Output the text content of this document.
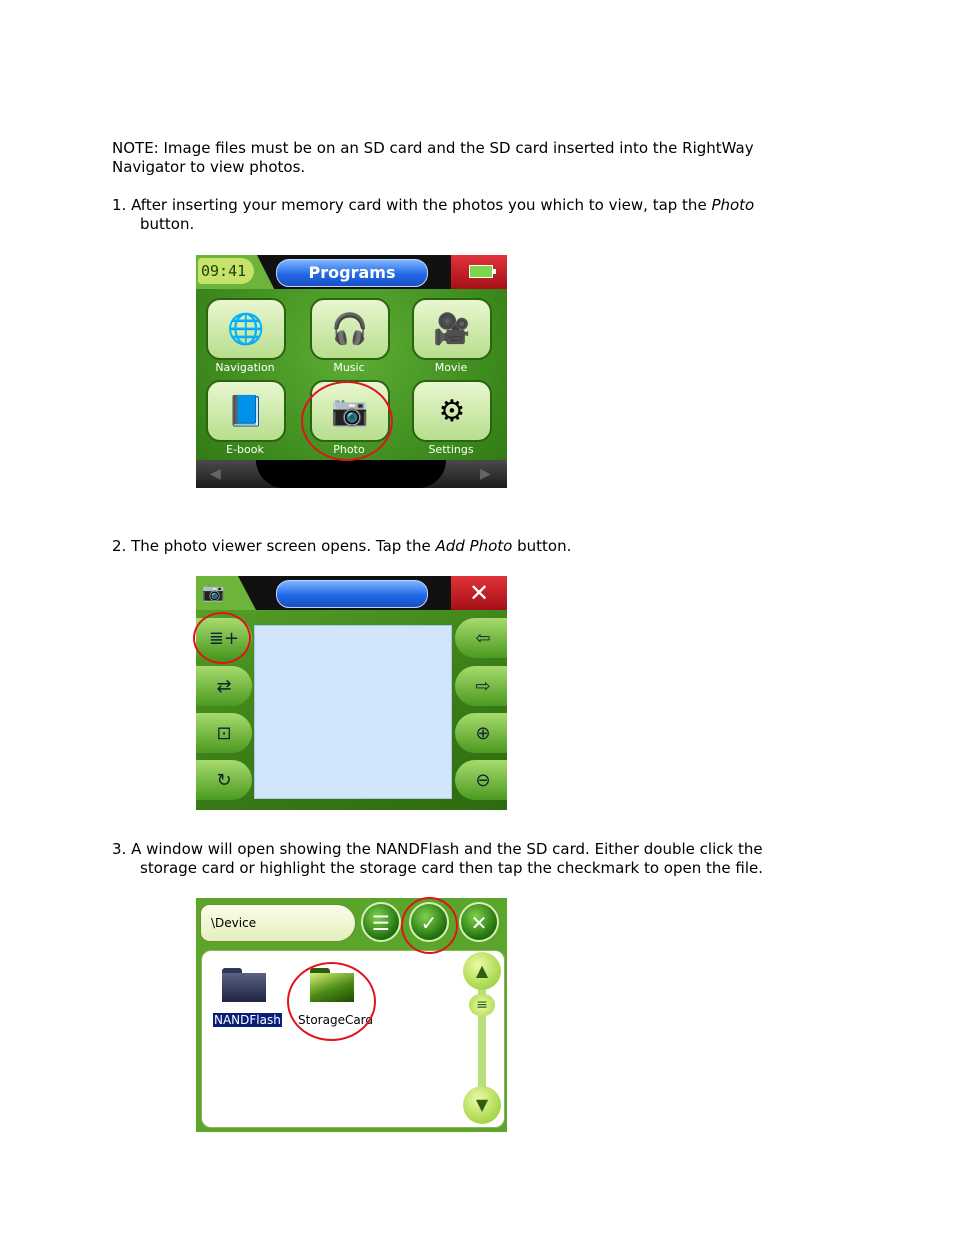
NOTE: Image files must be on an SD card and the SD card inserted into the RightWay Navigator to view photos.

1. After inserting your memory card with the photos you which to view, tap the Photo
button.

2. The photo viewer screen opens. Tap the Add Photo button.

3. A window will open showing the NANDFlash and the SD card. Either double click the
storage card or highlight the storage card then tap the checkmark to open the file.

09:41	Programs
🌐
Navigation
🎧
Music
🎥
Movie
📘
E-book
📷
Photo
⚙
Settings
◀	▶
📷	✕
≣+
⇄
⊡
↻
⇦
⇨
⊕
⊖
\Device	☰	✓	✕
NANDFlash StorageCard
▲
≡
▼
